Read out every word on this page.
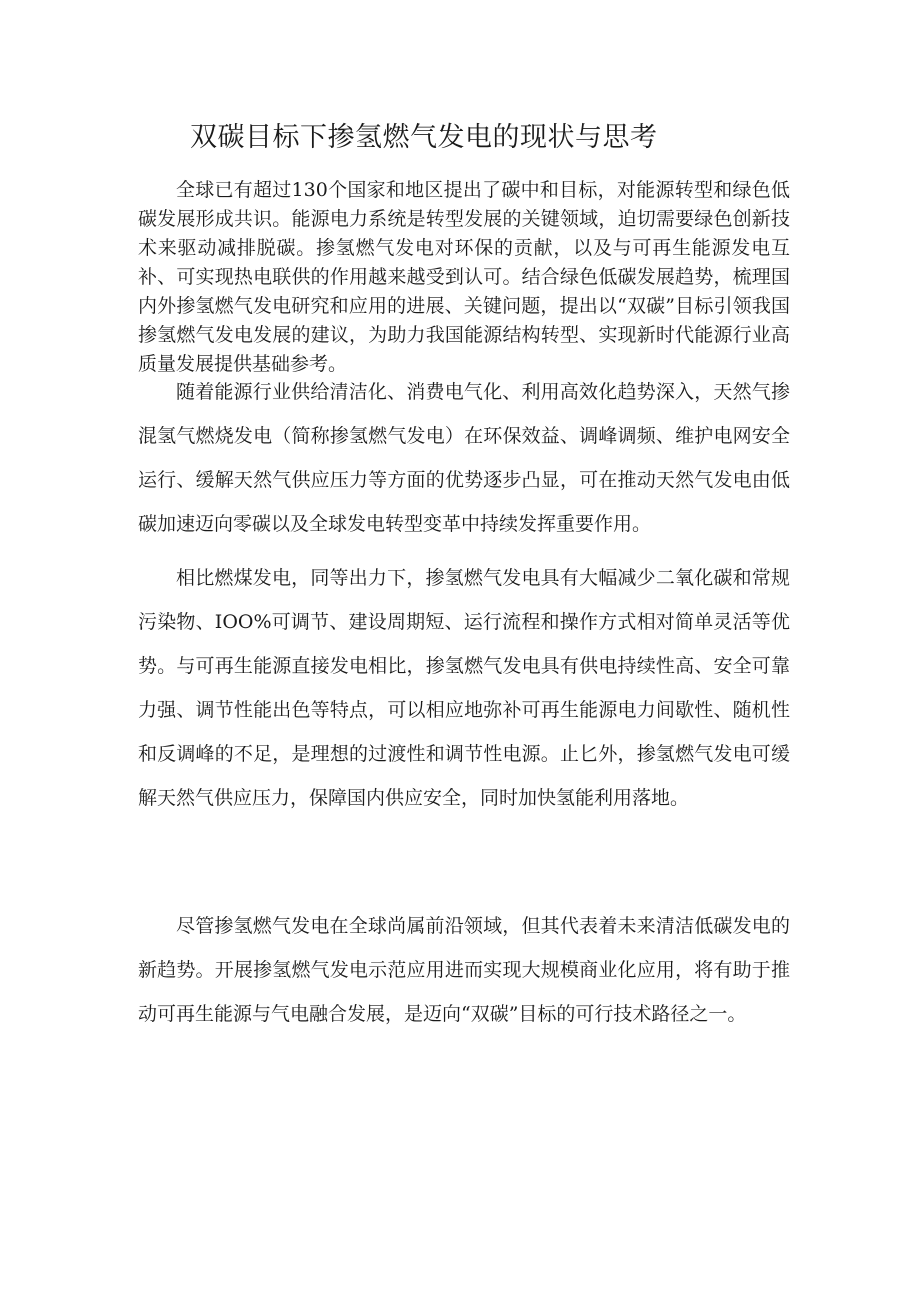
双碳目标下掺氢燃气发电的现状与思考

全球已有超过130个国家和地区提出了碳中和目标，对能源转型和绿色低碳发展形成共识。能源电力系统是转型发展的关键领域，迫切需要绿色创新技术来驱动减排脱碳。掺氢燃气发电对环保的贡献，以及与可再生能源发电互补、可实现热电联供的作用越来越受到认可。结合绿色低碳发展趋势，梳理国内外掺氢燃气发电研究和应用的进展、关键问题，提出以“双碳”目标引领我国掺氢燃气发电发展的建议，为助力我国能源结构转型、实现新时代能源行业高质量发展提供基础参考。

随着能源行业供给清洁化、消费电气化、利用高效化趋势深入，天然气掺混氢气燃烧发电（简称掺氢燃气发电）在环保效益、调峰调频、维护电网安全运行、缓解天然气供应压力等方面的优势逐步凸显，可在推动天然气发电由低碳加速迈向零碳以及全球发电转型变革中持续发挥重要作用。

相比燃煤发电，同等出力下，掺氢燃气发电具有大幅减少二氧化碳和常规污染物、IOO%可调节、建设周期短、运行流程和操作方式相对简单灵活等优势。与可再生能源直接发电相比，掺氢燃气发电具有供电持续性高、安全可靠力强、调节性能出色等特点，可以相应地弥补可再生能源电力间歇性、随机性和反调峰的不足，是理想的过渡性和调节性电源。止匕外，掺氢燃气发电可缓解天然气供应压力，保障国内供应安全，同时加快氢能利用落地。

尽管掺氢燃气发电在全球尚属前沿领域，但其代表着未来清洁低碳发电的新趋势。开展掺氢燃气发电示范应用进而实现大规模商业化应用，将有助于推动可再生能源与气电融合发展，是迈向“双碳”目标的可行技术路径之一。
